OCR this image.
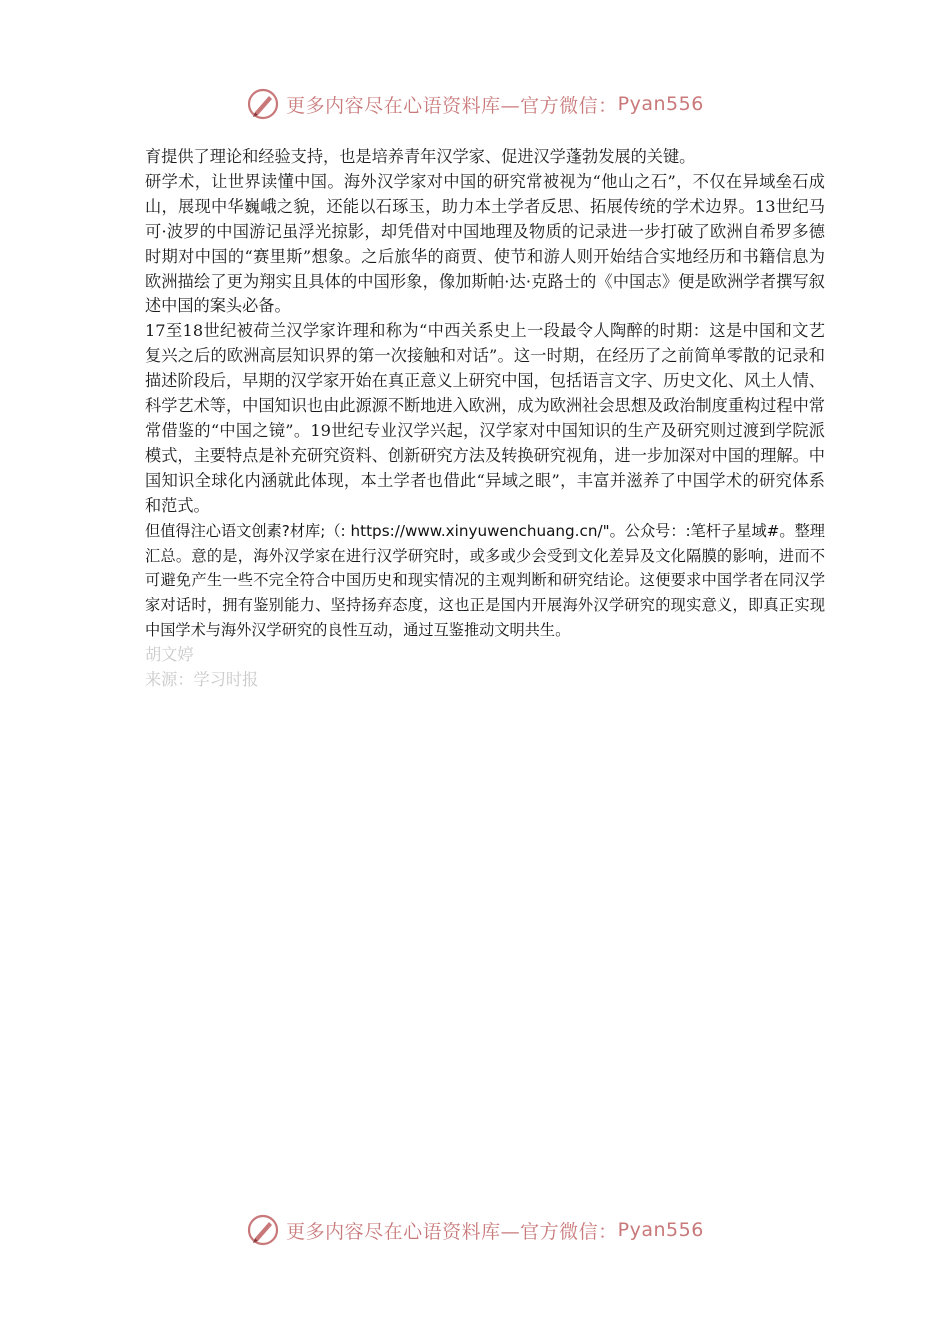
更多内容尽在心语资料库—官方微信： Pyan556

育提供了理论和经验支持，也是培养青年汉学家、促进汉学蓬勃发展的关键。

研学术，让世界读懂中国。海外汉学家对中国的研究常被视为“他山之石”，不仅在异域垒石成山，展现中华巍峨之貌，还能以石琢玉，助力本土学者反思、拓展传统的学术边界。13世纪马可·波罗的中国游记虽浮光掠影，却凭借对中国地理及物质的记录进一步打破了欧洲自希罗多德时期对中国的“赛里斯”想象。之后旅华的商贾、使节和游人则开始结合实地经历和书籍信息为欧洲描绘了更为翔实且具体的中国形象，像加斯帕·达·克路士的《中国志》便是欧洲学者撰写叙述中国的案头必备。

17至18世纪被荷兰汉学家许理和称为“中西关系史上一段最令人陶醉的时期：这是中国和文艺复兴之后的欧洲高层知识界的第一次接触和对话”。这一时期，在经历了之前简单零散的记录和描述阶段后，早期的汉学家开始在真正意义上研究中国，包括语言文字、历史文化、风土人情、科学艺术等，中国知识也由此源源不断地进入欧洲，成为欧洲社会思想及政治制度重构过程中常常借鉴的“中国之镜”。19世纪专业汉学兴起，汉学家对中国知识的生产及研究则过渡到学院派模式，主要特点是补充研究资料、创新研究方法及转换研究视角，进一步加深对中国的理解。中国知识全球化内涵就此体现，本土学者也借此“异域之眼”，丰富并滋养了中国学术的研究体系和范式。

但值得注心语文创素?材库;（: https://www.xinyuwenchuang.cn/"。公众号：:笔杆子星域#。整理汇总。意的是，海外汉学家在进行汉学研究时，或多或少会受到文化差异及文化隔膜的影响，进而不可避免产生一些不完全符合中国历史和现实情况的主观判断和研究结论。这便要求中国学者在同汉学家对话时，拥有鉴别能力、坚持扬弃态度，这也正是国内开展海外汉学研究的现实意义，即真正实现中国学术与海外汉学研究的良性互动，通过互鉴推动文明共生。

胡文婷

来源：学习时报

更多内容尽在心语资料库—官方微信： Pyan556
